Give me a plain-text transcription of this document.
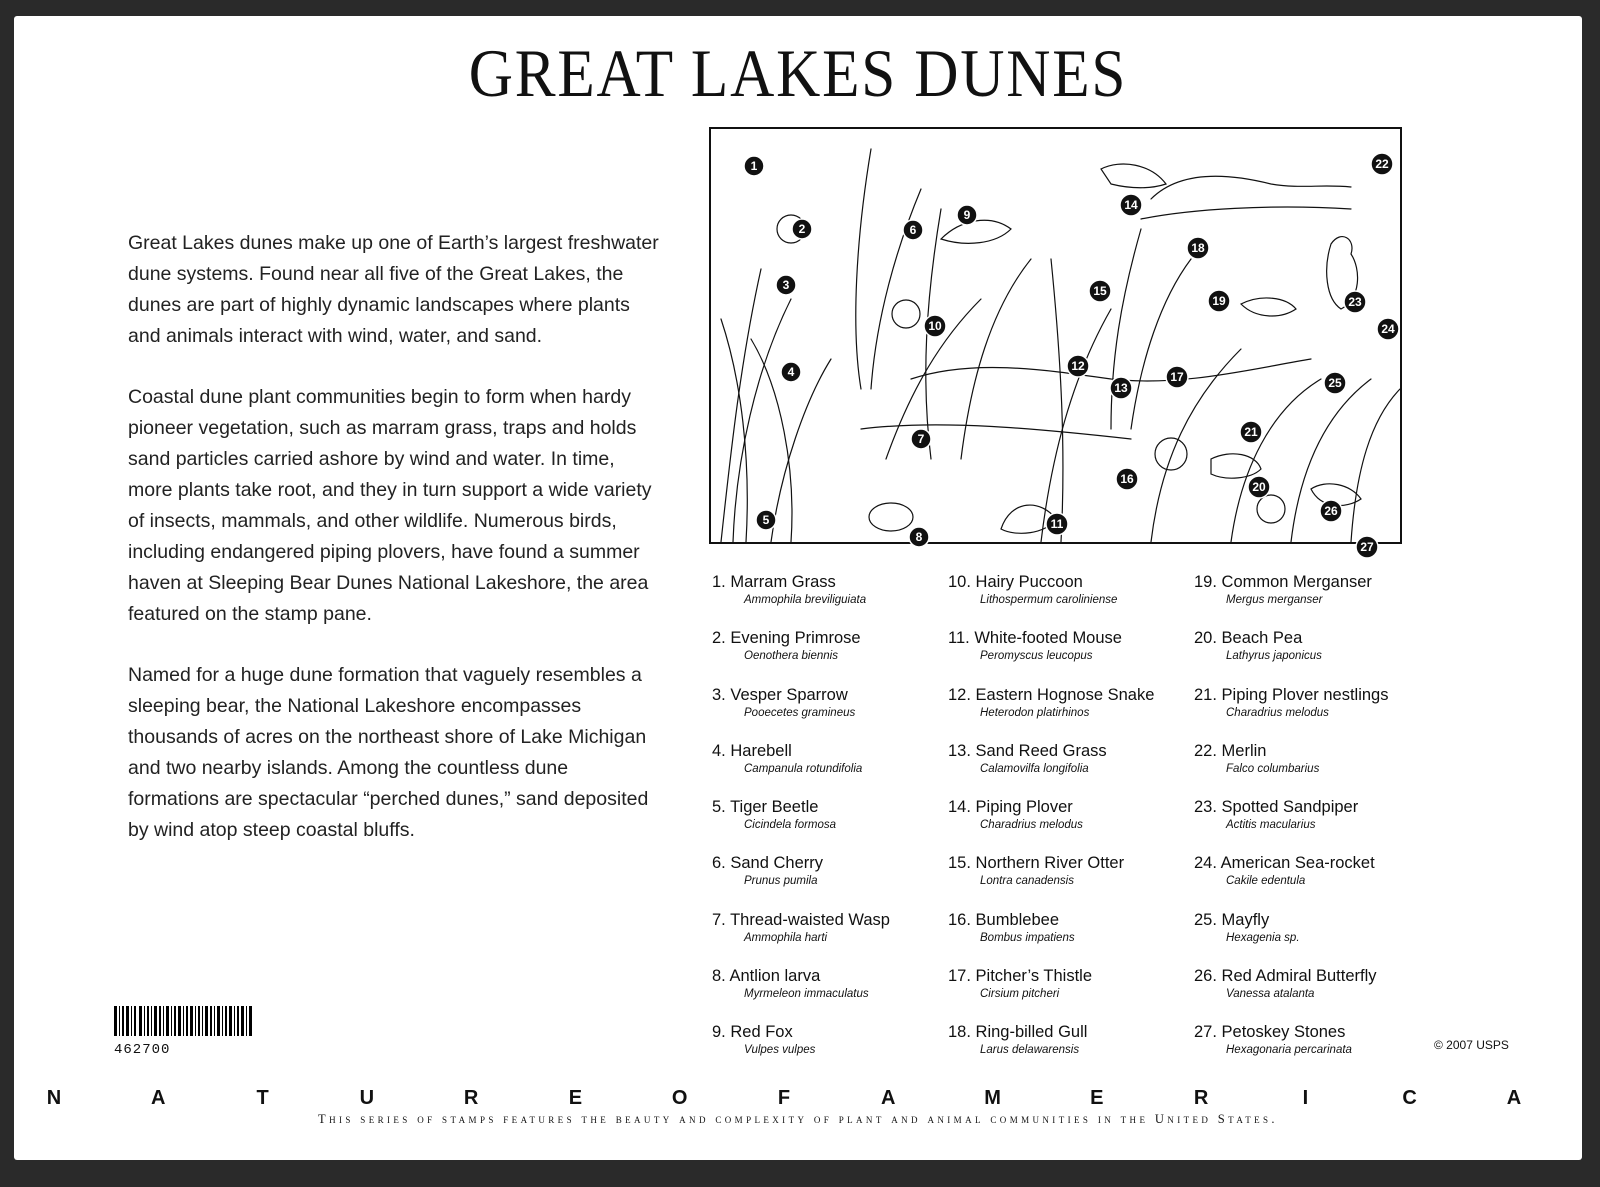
GREAT LAKES DUNES

Great Lakes dunes make up one of Earth’s largest freshwater dune systems. Found near all five of the Great Lakes, the dunes are part of highly dynamic landscapes where plants and animals interact with wind, water, and sand.

Coastal dune plant communities begin to form when hardy pioneer vegetation, such as marram grass, traps and holds sand particles carried ashore by wind and water. In time, more plants take root, and they in turn support a wide variety of insects, mammals, and other wildlife. Numerous birds, including endangered piping plovers, have found a summer haven at Sleeping Bear Dunes National Lakeshore, the area featured on the stamp pane.

Named for a huge dune formation that vaguely resembles a sleeping bear, the National Lakeshore encompasses thousands of acres on the northeast shore of Lake Michigan and two nearby islands. Among the countless dune formations are spectacular “perched dunes,” sand deposited by wind atop steep coastal bluffs.

462700
1
2
3
4
5
6
7
8
9
10
11
12
13
14
15
16
17
18
19
20
21
22
23
24
25
26
27
1. Marram Grass
Ammophila breviliguiata
2. Evening Primrose
Oenothera biennis
3. Vesper Sparrow
Pooecetes gramineus
4. Harebell
Campanula rotundifolia
5. Tiger Beetle
Cicindela formosa
6. Sand Cherry
Prunus pumila
7. Thread-waisted Wasp
Ammophila harti
8. Antlion larva
Myrmeleon immaculatus
9. Red Fox
Vulpes vulpes
10. Hairy Puccoon
Lithospermum caroliniense
11. White-footed Mouse
Peromyscus leucopus
12. Eastern Hognose Snake
Heterodon platirhinos
13. Sand Reed Grass
Calamovilfa longifolia
14. Piping Plover
Charadrius melodus
15. Northern River Otter
Lontra canadensis
16. Bumblebee
Bombus impatiens
17. Pitcher’s Thistle
Cirsium pitcheri
18. Ring-billed Gull
Larus delawarensis
19. Common Merganser
Mergus merganser
20. Beach Pea
Lathyrus japonicus
21. Piping Plover nestlings
Charadrius melodus
22. Merlin
Falco columbarius
23. Spotted Sandpiper
Actitis macularius
24. American Sea-rocket
Cakile edentula
25. Mayfly
Hexagenia sp.
26. Red Admiral Butterfly
Vanessa atalanta
27. Petoskey Stones
Hexagonaria percarinata	© 2007 USPS
N	A	T	U	R	E	O	F	A	M	E	R	I	C	A
This series of stamps features the beauty and complexity of plant and animal communities in the United States.
